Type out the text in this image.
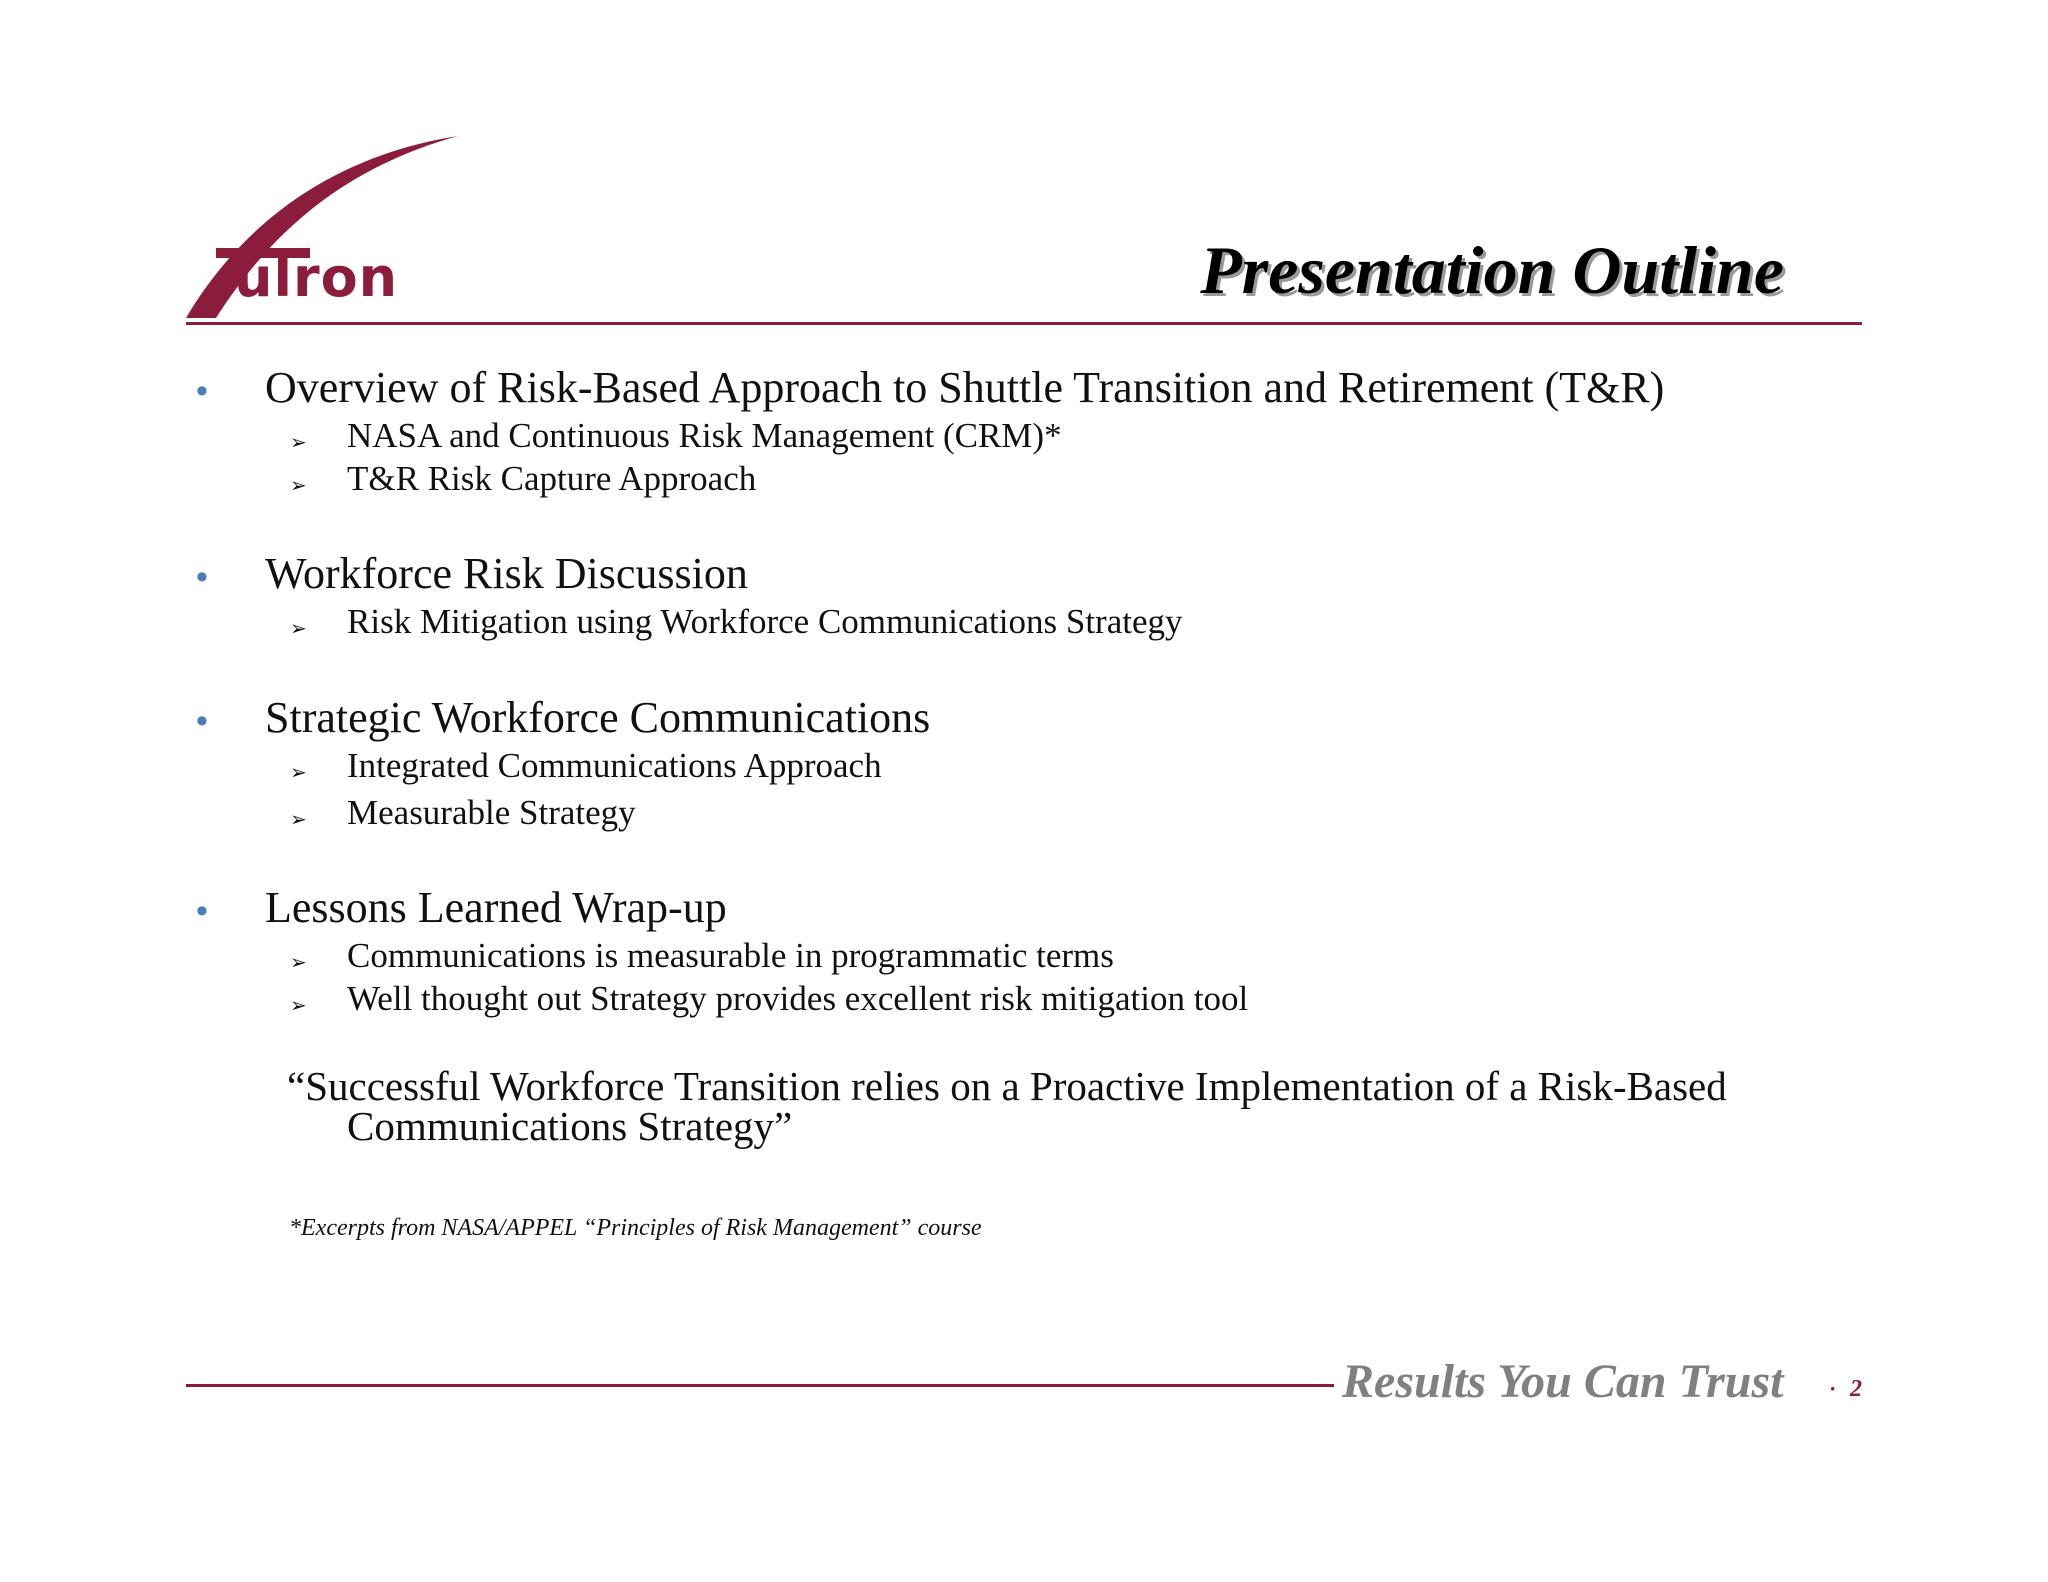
ulron	Presentation Outline
• Overview of Risk-Based Approach to Shuttle Transition and Retirement (T&R)
➢ NASA and Continuous Risk Management (CRM)*
➢ T&R Risk Capture Approach
• Workforce Risk Discussion
➢ Risk Mitigation using Workforce Communications Strategy
• Strategic Workforce Communications
➢ Integrated Communications Approach
➢ Measurable Strategy
• Lessons Learned Wrap-up
➢ Communications is measurable in programmatic terms
➢ Well thought out Strategy provides excellent risk mitigation tool
“Successful Workforce Transition relies on a Proactive Implementation of a Risk-Based
Communications Strategy”
*Excerpts from NASA/APPEL “Principles of Risk Management” course
Results You Can Trust · 2
